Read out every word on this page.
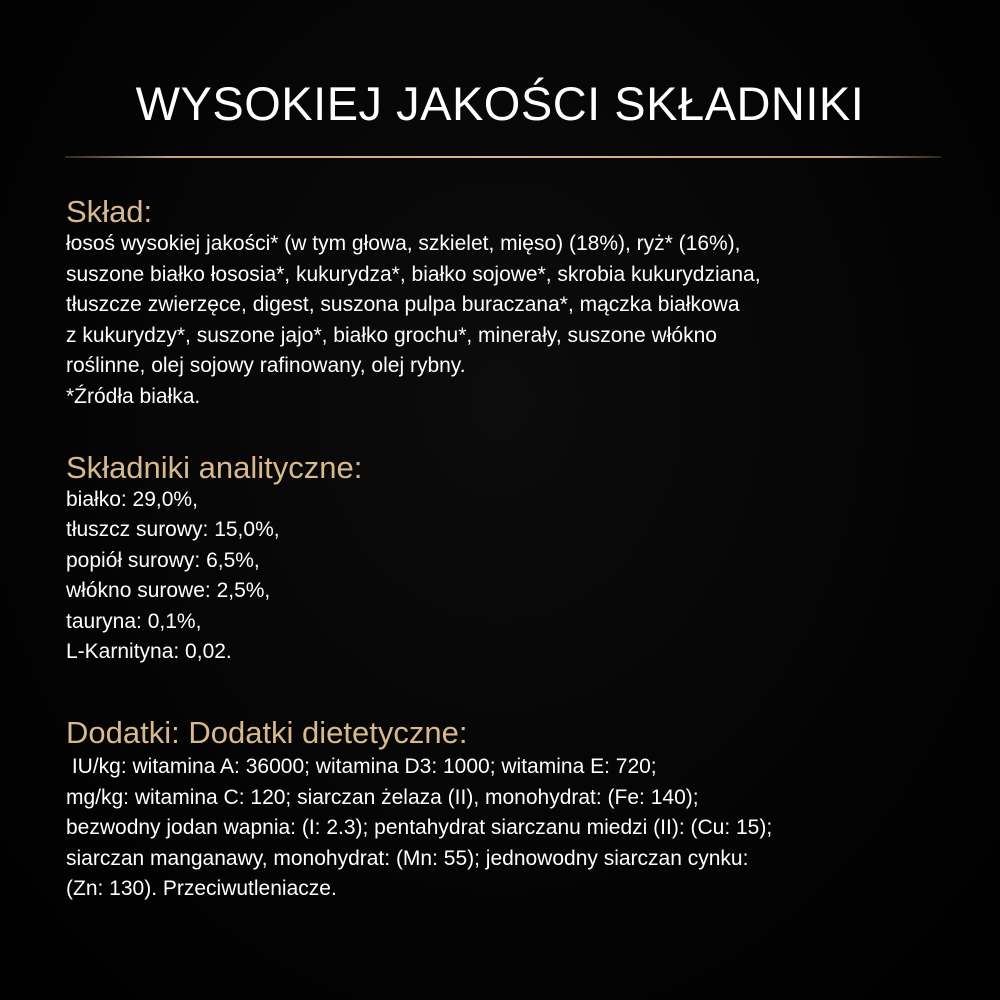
WYSOKIEJ JAKOŚCI SKŁADNIKI
Skład:
łosoś wysokiej jakości* (w tym głowa, szkielet, mięso) (18%), ryż* (16%),
suszone białko łososia*, kukurydza*, białko sojowe*, skrobia kukurydziana,
tłuszcze zwierzęce, digest, suszona pulpa buraczana*, mączka białkowa
z kukurydzy*, suszone jajo*, białko grochu*, minerały, suszone włókno
roślinne, olej sojowy rafinowany, olej rybny.
*Źródła białka.
Składniki analityczne:
białko: 29,0%,
tłuszcz surowy: 15,0%,
popiół surowy: 6,5%,
włókno surowe: 2,5%,
tauryna: 0,1%,
L-Karnityna: 0,02.
Dodatki: Dodatki dietetyczne:
IU/kg: witamina A: 36000; witamina D3: 1000; witamina E: 720;
mg/kg: witamina C: 120; siarczan żelaza (II), monohydrat: (Fe: 140);
bezwodny jodan wapnia: (I: 2.3); pentahydrat siarczanu miedzi (II): (Cu: 15);
siarczan manganawy, monohydrat: (Mn: 55); jednowodny siarczan cynku:
(Zn: 130). Przeciwutleniacze.
